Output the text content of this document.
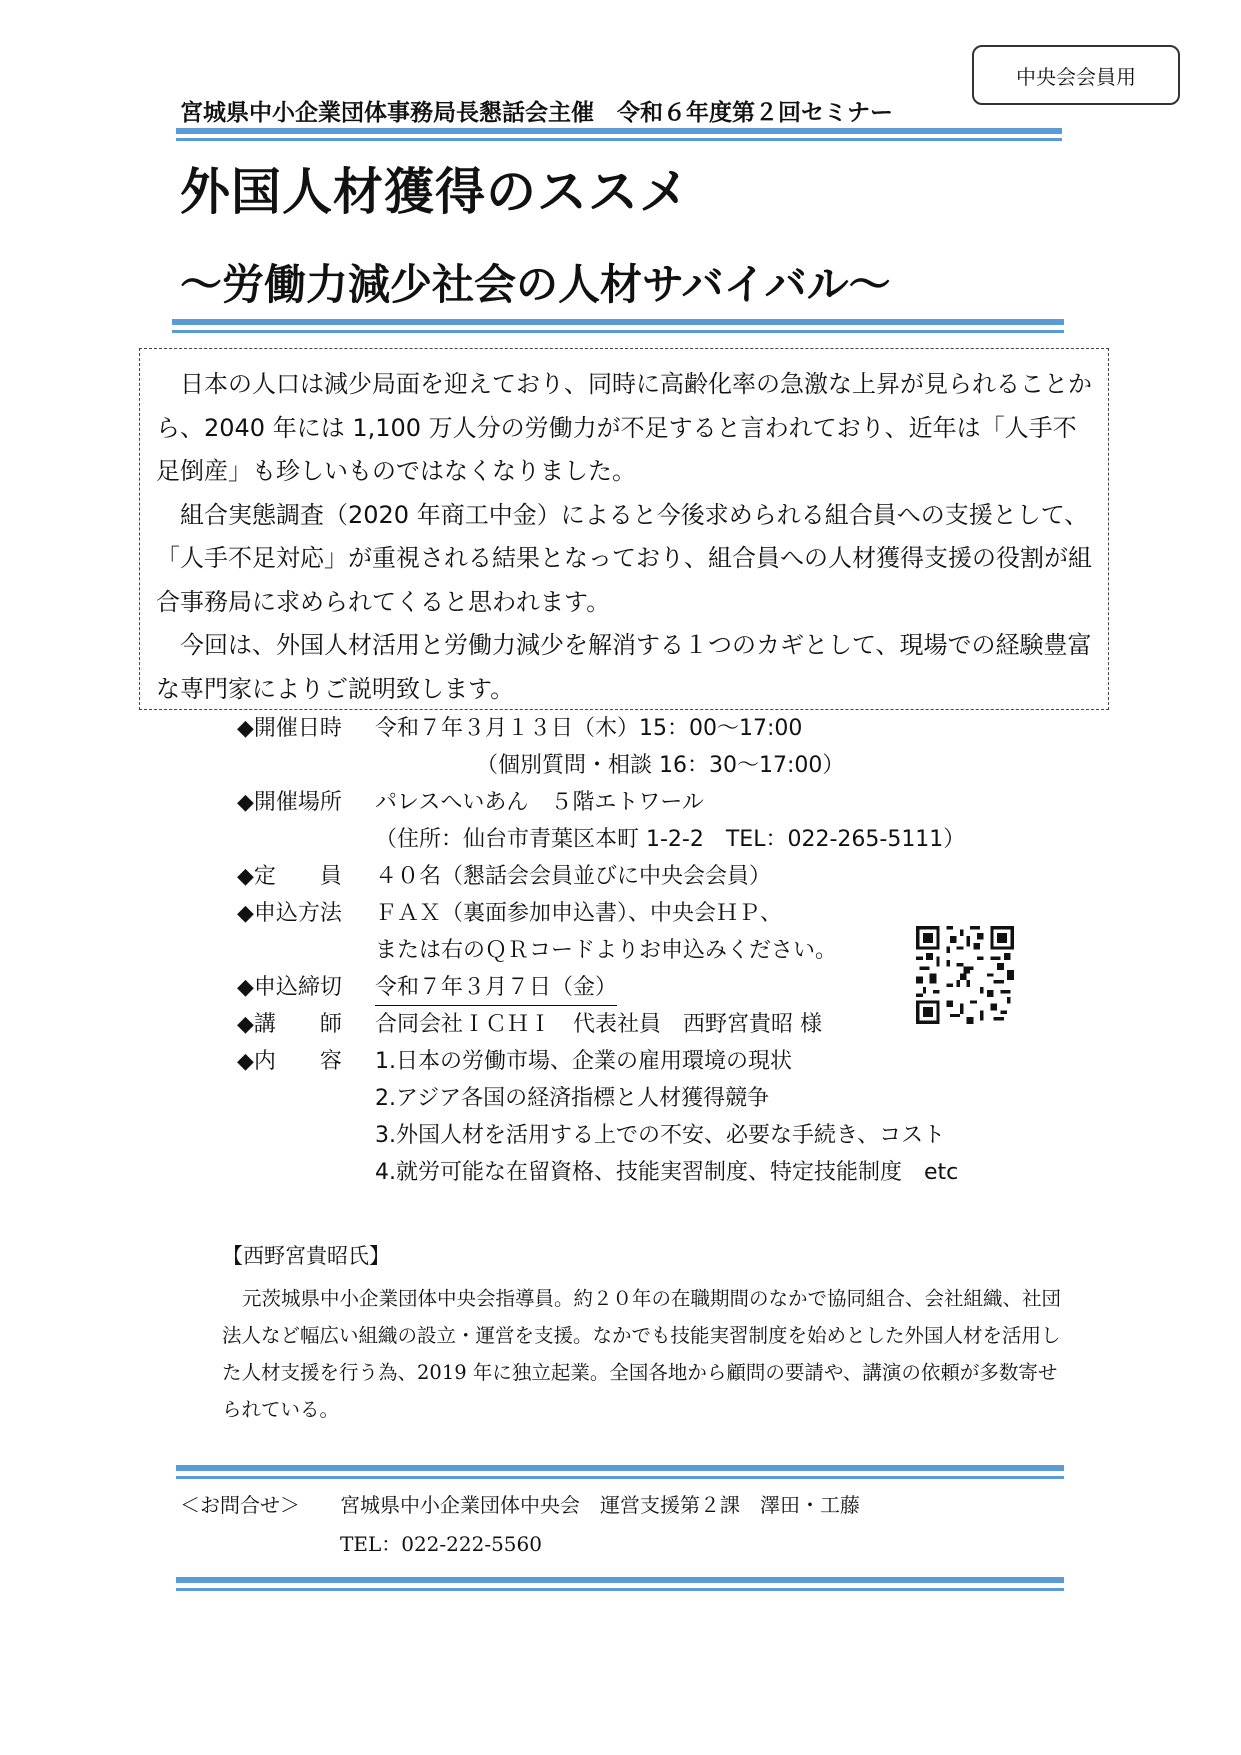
中央会会員用
宮城県中小企業団体事務局長懇話会主催　令和６年度第２回セミナー
外国人材獲得のススメ
～労働力減少社会の人材サバイバル～

日本の人口は減少局面を迎えており、同時に高齢化率の急激な上昇が見られることから、2040 年には 1,100 万人分の労働力が不足すると言われており、近年は「人手不足倒産」も珍しいものではなくなりました。

組合実態調査（2020 年商工中金）によると今後求められる組合員への支援として、「人手不足対応」が重視される結果となっており、組合員への人材獲得支援の役割が組合事務局に求められてくると思われます。

今回は、外国人材活用と労働力減少を解消する１つのカギとして、現場での経験豊富な専門家によりご説明致します。

◆開催日時 令和７年３月１３日（木）15：00～17:00
（個別質問・相談 16：30～17:00）
◆開催場所 パレスへいあん　５階エトワール
（住所：仙台市青葉区本町 1-2-2　TEL：022-265-5111）
◆定　　員 ４０名（懇話会会員並びに中央会会員）
◆申込方法 ＦＡＸ（裏面参加申込書）、中央会ＨＰ、
または右のＱＲコードよりお申込みください。
◆申込締切 令和７年３月７日（金）
◆講　　師 合同会社ＩＣＨＩ　代表社員　西野宮貴昭 様
◆内　　容 1.日本の労働市場、企業の雇用環境の現状
2.アジア各国の経済指標と人材獲得競争
3.外国人材を活用する上での不安、必要な手続き、コスト
4.就労可能な在留資格、技能実習制度、特定技能制度　etc
【西野宮貴昭氏】

元茨城県中小企業団体中央会指導員。約２０年の在職期間のなかで協同組合、会社組織、社団法人など幅広い組織の設立・運営を支援。なかでも技能実習制度を始めとした外国人材を活用した人材支援を行う為、2019 年に独立起業。全国各地から顧問の要請や、講演の依頼が多数寄せられている。

＜お問合せ＞ 宮城県中小企業団体中央会　運営支援第２課　澤田・工藤
TEL：022-222-5560
